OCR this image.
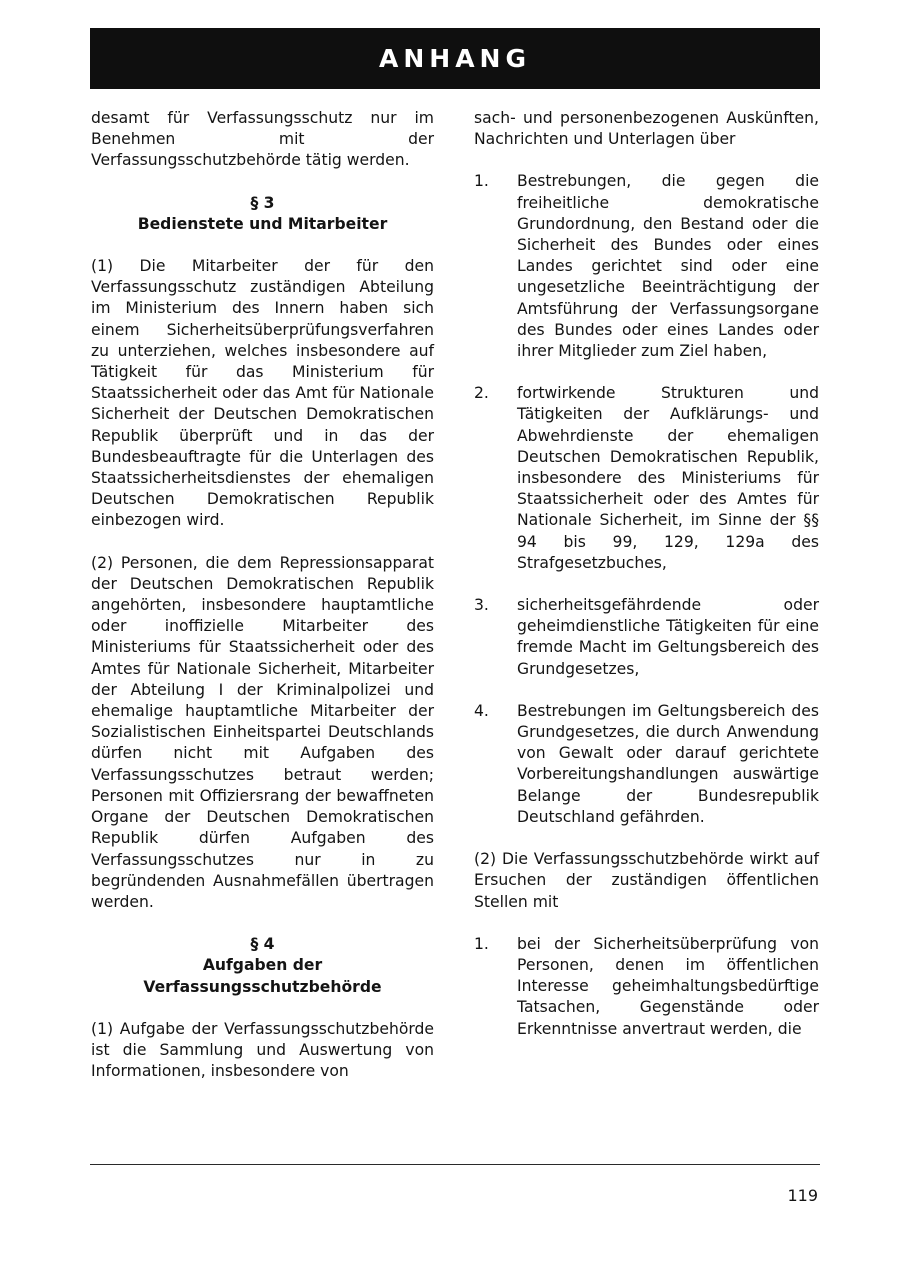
ANHANG

desamt für Verfassungsschutz nur im Benehmen mit der Verfassungsschutzbehörde tätig werden.

§ 3

Bedienstete und Mitarbeiter

(1) Die Mitarbeiter der für den Verfassungsschutz zuständigen Abteilung im Ministerium des Innern haben sich einem Sicherheitsüberprüfungsverfahren zu unterziehen, welches insbesondere auf Tätigkeit für das Ministerium für Staatssicherheit oder das Amt für Nationale Sicherheit der Deutschen Demokratischen Republik überprüft und in das der Bundesbeauftragte für die Unterlagen des Staatssicherheitsdienstes der ehemaligen Deutschen Demokratischen Republik einbezogen wird.

(2) Personen, die dem Repressionsapparat der Deutschen Demokratischen Republik angehörten, insbesondere hauptamtliche oder inoffizielle Mitarbeiter des Ministeriums für Staatssicherheit oder des Amtes für Nationale Sicherheit, Mitarbeiter der Abteilung I der Kriminalpolizei und ehemalige hauptamtliche Mitarbeiter der Sozialistischen Einheitspartei Deutschlands dürfen nicht mit Aufgaben des Verfassungsschutzes betraut werden; Personen mit Offiziersrang der bewaffneten Organe der Deutschen Demokratischen Republik dürfen Aufgaben des Verfassungsschutzes nur in zu begründenden Ausnahmefällen übertragen werden.

§ 4

Aufgaben der

Verfassungsschutzbehörde

(1) Aufgabe der Verfassungsschutzbehörde ist die Sammlung und Auswertung von Informationen, insbesondere von

sach- und personenbezogenen Auskünften, Nachrichten und Unterlagen über

1.	Bestrebungen, die gegen die freiheitliche demokratische Grundordnung, den Bestand oder die Sicherheit des Bundes oder eines Landes gerichtet sind oder eine ungesetzliche Beeinträchtigung der Amtsführung der Verfassungsorgane des Bundes oder eines Landes oder ihrer Mitglieder zum Ziel haben,
2.	fortwirkende Strukturen und Tätigkeiten der Aufklärungs- und Abwehrdienste der ehemaligen Deutschen Demokratischen Republik, insbesondere des Ministeriums für Staatssicherheit oder des Amtes für Nationale Sicherheit, im Sinne der §§ 94 bis 99, 129, 129a des Strafgesetzbuches,
3.	sicherheitsgefährdende oder geheimdienstliche Tätigkeiten für eine fremde Macht im Geltungsbereich des Grundgesetzes,
4.	Bestrebungen im Geltungsbereich des Grundgesetzes, die durch Anwendung von Gewalt oder darauf gerichtete Vorbereitungshandlungen auswärtige Belange der Bundesrepublik Deutschland gefährden.

(2) Die Verfassungsschutzbehörde wirkt auf Ersuchen der zuständigen öffentlichen Stellen mit

1.	bei der Sicherheitsüberprüfung von Personen, denen im öffentlichen Interesse geheimhaltungsbedürftige Tatsachen, Gegenstände oder Erkenntnisse anvertraut werden, die
119
